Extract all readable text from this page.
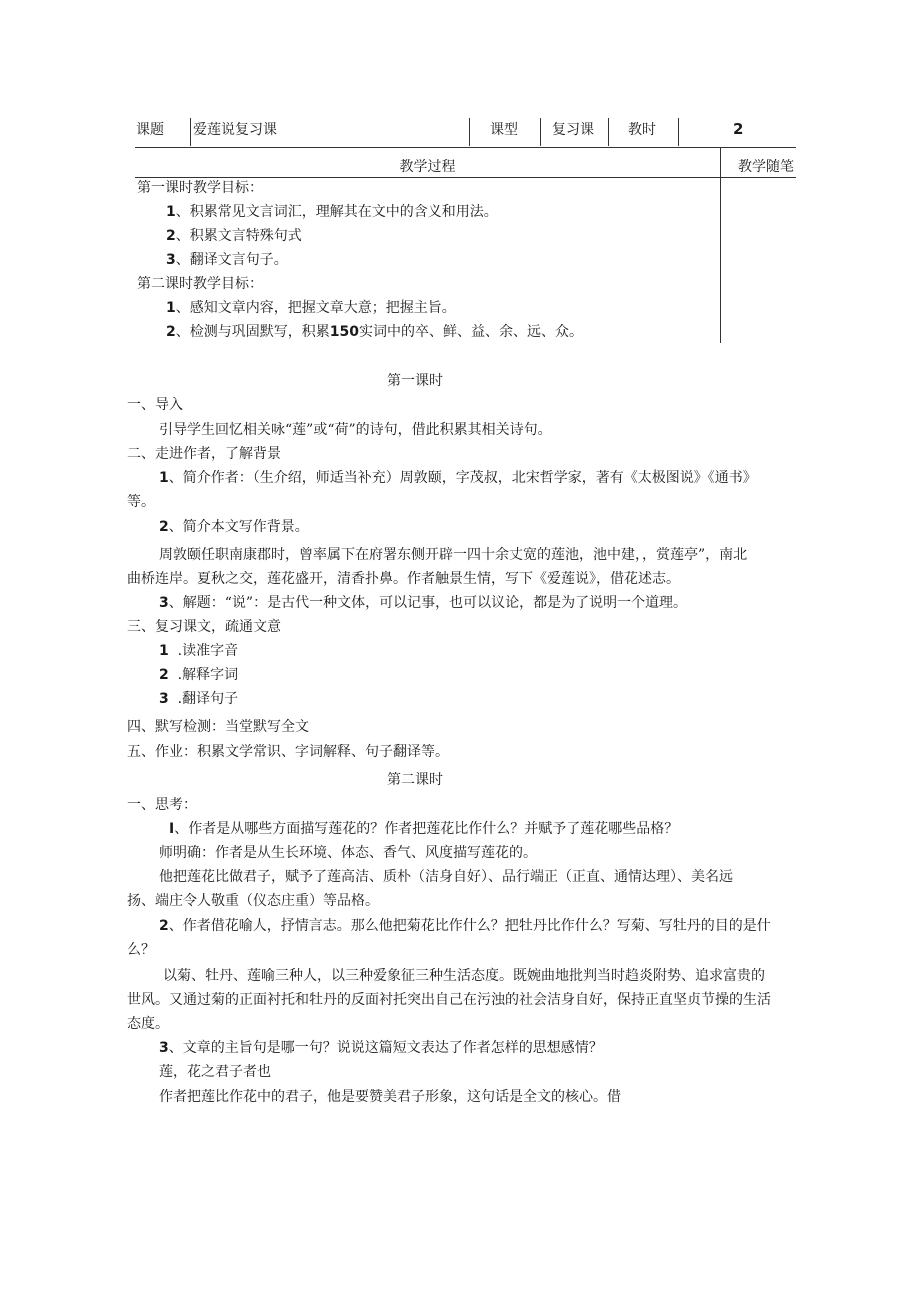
课题 爱莲说复习课	课型 复习课 教时	2
教学过程	教学随笔
第一课时教学目标：
1、积累常见文言词汇，理解其在文中的含义和用法。
2、积累文言特殊句式
3、翻译文言句子。
第二课时教学目标：
1、感知文章内容，把握文章大意；把握主旨。
2、检测与巩固默写，积累150实词中的卒、鲜、益、余、远、众。
第一课时
一、导入
引导学生回忆相关咏“莲”或“荷”的诗句，借此积累其相关诗句。
二、走进作者，了解背景
1、简介作者：（生介绍，师适当补充）周敦颐，字茂叔，北宋哲学家，著有《太极图说》《通书》
等。
2、简介本文写作背景。
周敦颐任职南康郡时，曾率属下在府署东侧开辟一四十余丈宽的莲池，池中建，，赏莲亭”，南北
曲桥连岸。夏秋之交，莲花盛开，清香扑鼻。作者触景生情，写下《爱莲说》，借花述志。
3、解题：“说”：是古代一种文体，可以记事，也可以议论，都是为了说明一个道理。
三、复习课文，疏通文意
1 .读准字音
2 .解释字词
3 .翻译句子
四、默写检测：当堂默写全文
五、作业：积累文学常识、字词解释、句子翻译等。
第二课时
一、思考：
I、作者是从哪些方面描写莲花的？作者把莲花比作什么？并赋予了莲花哪些品格？
师明确：作者是从生长环境、体态、香气、风度描写莲花的。
他把莲花比做君子，赋予了莲高洁、质朴（洁身自好）、品行端正（正直、通情达理）、美名远
扬、端庄令人敬重（仪态庄重）等品格。
2、作者借花喻人，抒情言志。那么他把菊花比作什么？把牡丹比作什么？写菊、写牡丹的目的是什
么？
以菊、牡丹、莲喻三种人，以三种爱象征三种生活态度。既婉曲地批判当时趋炎附势、追求富贵的
世风。又通过菊的正面衬托和牡丹的反面衬托突出自己在污浊的社会洁身自好，保持正直坚贞节操的生活
态度。
3、文章的主旨句是哪一句？说说这篇短文表达了作者怎样的思想感情？
莲，花之君子者也
作者把莲比作花中的君子，他是要赞美君子形象，这句话是全文的核心。借
